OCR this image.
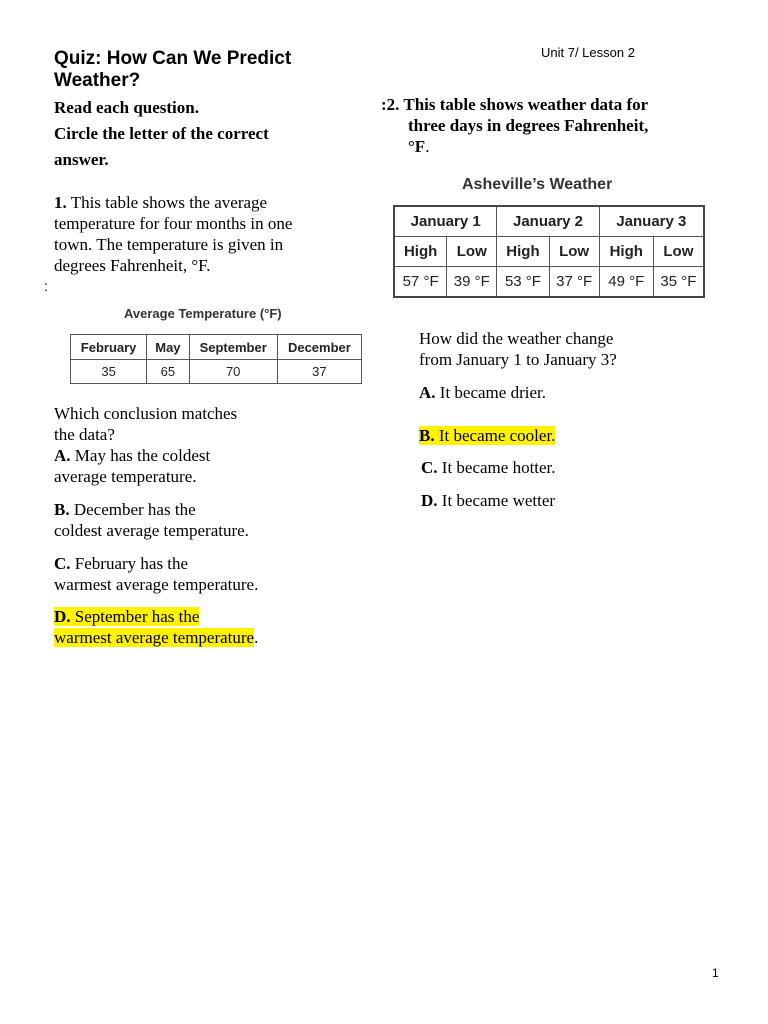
Quiz: How Can We Predict Weather?
Unit 7/ Lesson 2
Read each question.
Circle the letter of the correct
answer.
1. This table shows the average
temperature for four months in one
town. The temperature is given in
degrees Fahrenheit, °F.
:
Average Temperature (°F)
February	May	September	December
35	65	70	37
Which conclusion matches
the data?
A. May has the coldest
average temperature.
B. December has the
coldest average temperature.
C. February has the
warmest average temperature.
D. September has the
warmest average temperature.
:2. This table shows weather data for
three days in degrees Fahrenheit,
°F.
Asheville’s Weather
January 1		January 2		January 3	
High	Low	High	Low	High	Low
57 °F	39 °F	53 °F	37 °F	49 °F	35 °F
How did the weather change
from January 1 to January 3?
A. It became drier.
B. It became cooler.
C. It became hotter.
D. It became wetter
1
